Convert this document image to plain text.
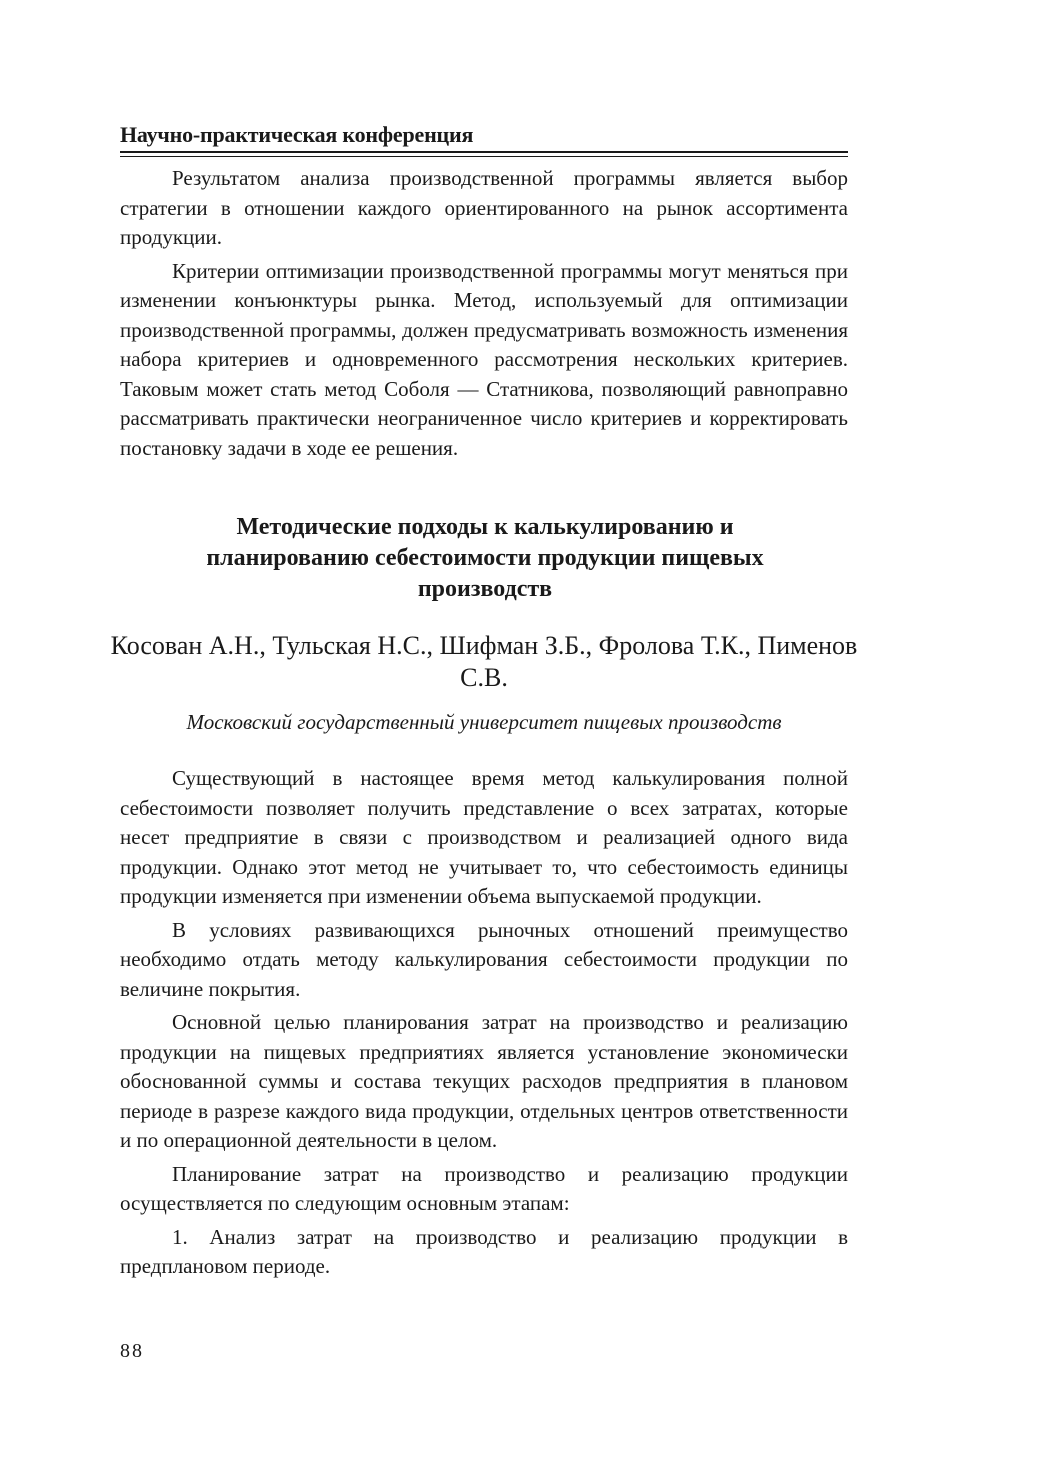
Научно-практическая конференция

Результатом анализа производственной программы является выбор стратегии в отношении каждого ориентированного на рынок ассортимента продукции.

Критерии оптимизации производственной программы могут меняться при изменении конъюнктуры рынка. Метод, используемый для оптимизации производственной программы, должен предусматривать возможность изменения набора критериев и одновременного рассмотрения нескольких критериев. Таковым может стать метод Соболя — Статникова, позволяющий равноправно рассматривать практически неограниченное число критериев и корректировать постановку задачи в ходе ее решения.

Методические подходы к калькулированию и планированию себестоимости продукции пищевых производств
Косован А.Н., Тульская Н.С., Шифман З.Б., Фролова Т.К., Пименов С.В.
Московский государственный университет пищевых производств

Существующий в настоящее время метод калькулирования полной себестоимости позволяет получить представление о всех затратах, которые несет предприятие в связи с производством и реализацией одного вида продукции. Однако этот метод не учитывает то, что себестоимость единицы продукции изменяется при изменении объема выпускаемой продукции.

В условиях развивающихся рыночных отношений преимущество необходимо отдать методу калькулирования себестоимости продукции по величине покрытия.

Основной целью планирования затрат на производство и реализацию продукции на пищевых предприятиях является установление экономически обоснованной суммы и состава текущих расходов предприятия в плановом периоде в разрезе каждого вида продукции, отдельных центров ответственности и по операционной деятельности в целом.

Планирование затрат на производство и реализацию продукции осуществляется по следующим основным этапам:

1. Анализ затрат на производство и реализацию продукции в предплановом периоде.

88
